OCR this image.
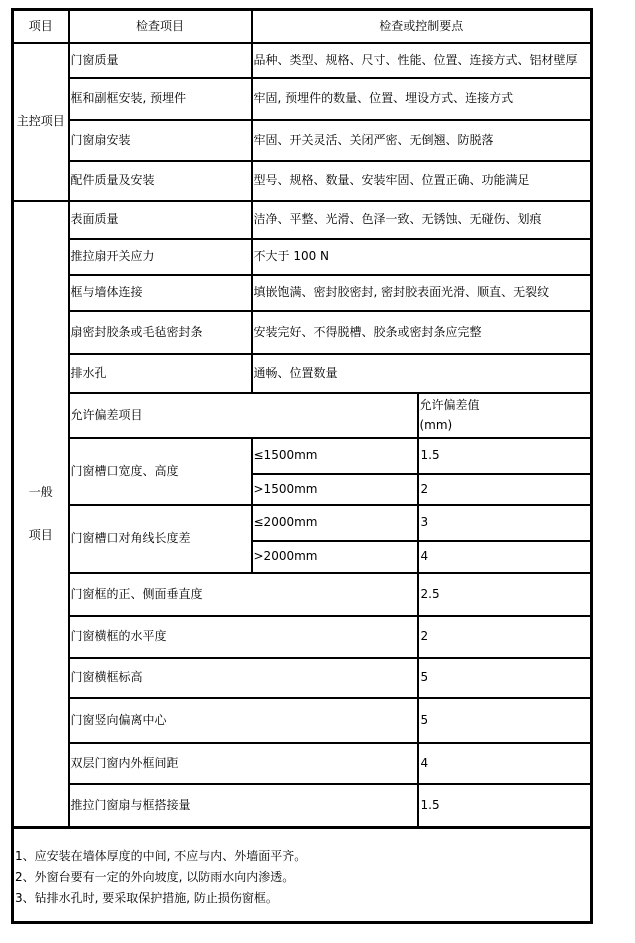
项目	检查项目	检查或控制要点	
主控项目	门窗质量	品种、类型、规格、尺寸、性能、位置、连接方式、铝材壁厚	
	框和副框安装, 预埋件	牢固, 预埋件的数量、位置、埋设方式、连接方式	
	门窗扇安装	牢固、开关灵活、关闭严密、无倒翘、防脱落	
	配件质量及安装	型号、规格、数量、安装牢固、位置正确、功能满足	

一般
项目	表面质量	洁净、平整、光滑、色泽一致、无锈蚀、无碰伤、划痕	
	推拉扇开关应力	不大于 100 N	
	框与墙体连接	填嵌饱满、密封胶密封, 密封胶表面光滑、顺直、无裂纹	
	扇密封胶条或毛毡密封条	安装完好、不得脱槽、胶条或密封条应完整	
	排水孔	通畅、位置数量	
	允许偏差项目		允许偏差值
(mm)

	门窗槽口宽度、高度	≤1500mm	1.5
		>1500mm	2
	门窗槽口对角线长度差	≤2000mm	3
		>2000mm	4
	门窗框的正、侧面垂直度		2.5
	门窗横框的水平度		2
	门窗横框标高		5
	门窗竖向偏离中心		5
	双层门窗内外框间距		4
	推拉门窗扇与框搭接量		1.5

1、应安装在墙体厚度的中间, 不应与内、外墙面平齐。
2、外窗台要有一定的外向坡度, 以防雨水向内渗透。
3、钻排水孔时, 要采取保护措施, 防止损伤窗框。			
